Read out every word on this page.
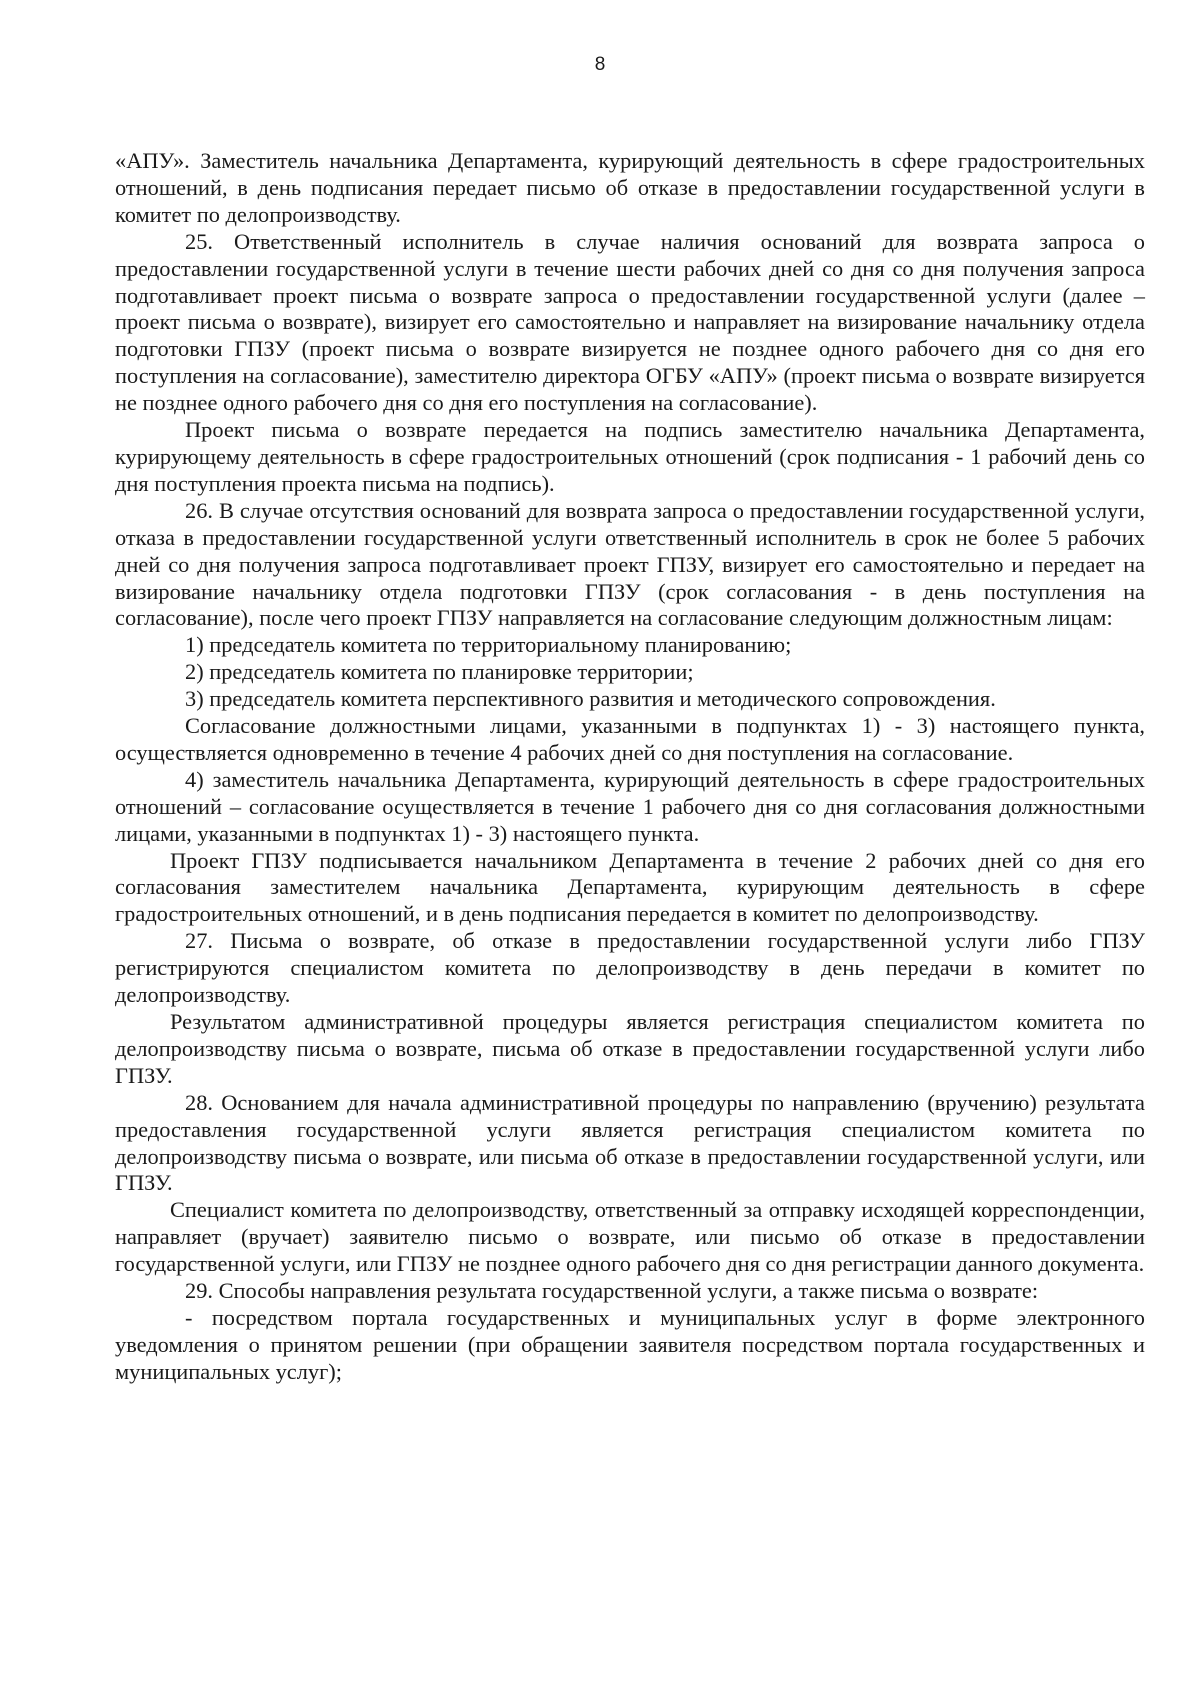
8

«АПУ». Заместитель начальника Департамента, курирующий деятельность в сфере градостроительных отношений, в день подписания передает письмо об отказе в предоставлении государственной услуги в комитет по делопроизводству.

25. Ответственный исполнитель в случае наличия оснований для возврата запроса о предоставлении государственной услуги в течение шести рабочих дней со дня со дня получения запроса подготавливает проект письма о возврате запроса о предоставлении государственной услуги (далее – проект письма о возврате), визирует его самостоятельно и направляет на визирование начальнику отдела подготовки ГПЗУ (проект письма о возврате визируется не позднее одного рабочего дня со дня его поступления на согласование), заместителю директора ОГБУ «АПУ» (проект письма о возврате визируется не позднее одного рабочего дня со дня его поступления на согласование).

Проект письма о возврате передается на подпись заместителю начальника Департамента, курирующему деятельность в сфере градостроительных отношений (срок подписания - 1 рабочий день со дня поступления проекта письма на подпись).

26. В случае отсутствия оснований для возврата запроса о предоставлении государственной услуги, отказа в предоставлении государственной услуги ответственный исполнитель в срок не более 5 рабочих дней со дня получения запроса подготавливает проект ГПЗУ, визирует его самостоятельно и передает на визирование начальнику отдела подготовки ГПЗУ (срок согласования - в день поступления на согласование), после чего проект ГПЗУ направляется на согласование следующим должностным лицам:

1) председатель комитета по территориальному планированию;

2) председатель комитета по планировке территории;

3) председатель комитета перспективного развития и методического сопровождения.

Согласование должностными лицами, указанными в подпунктах 1) - 3) настоящего пункта, осуществляется одновременно в течение 4 рабочих дней со дня поступления на согласование.

4) заместитель начальника Департамента, курирующий деятельность в сфере градостроительных отношений – согласование осуществляется в течение 1 рабочего дня со дня согласования должностными лицами, указанными в подпунктах 1) - 3) настоящего пункта.

Проект ГПЗУ подписывается начальником Департамента в течение 2 рабочих дней со дня его согласования заместителем начальника Департамента, курирующим деятельность в сфере градостроительных отношений, и в день подписания передается в комитет по делопроизводству.

27. Письма о возврате, об отказе в предоставлении государственной услуги либо ГПЗУ регистрируются специалистом комитета по делопроизводству в день передачи в комитет по делопроизводству.

Результатом административной процедуры является регистрация специалистом комитета по делопроизводству письма о возврате, письма об отказе в предоставлении государственной услуги либо ГПЗУ.

28. Основанием для начала административной процедуры по направлению (вручению) результата предоставления государственной услуги является регистрация специалистом комитета по делопроизводству письма о возврате, или письма об отказе в предоставлении государственной услуги, или ГПЗУ.

Специалист комитета по делопроизводству, ответственный за отправку исходящей корреспонденции, направляет (вручает) заявителю письмо о возврате, или письмо об отказе в предоставлении государственной услуги, или ГПЗУ не позднее одного рабочего дня со дня регистрации данного документа.

29. Способы направления результата государственной услуги, а также письма о возврате:

- посредством портала государственных и муниципальных услуг в форме электронного уведомления о принятом решении (при обращении заявителя посредством портала государственных и муниципальных услуг);
